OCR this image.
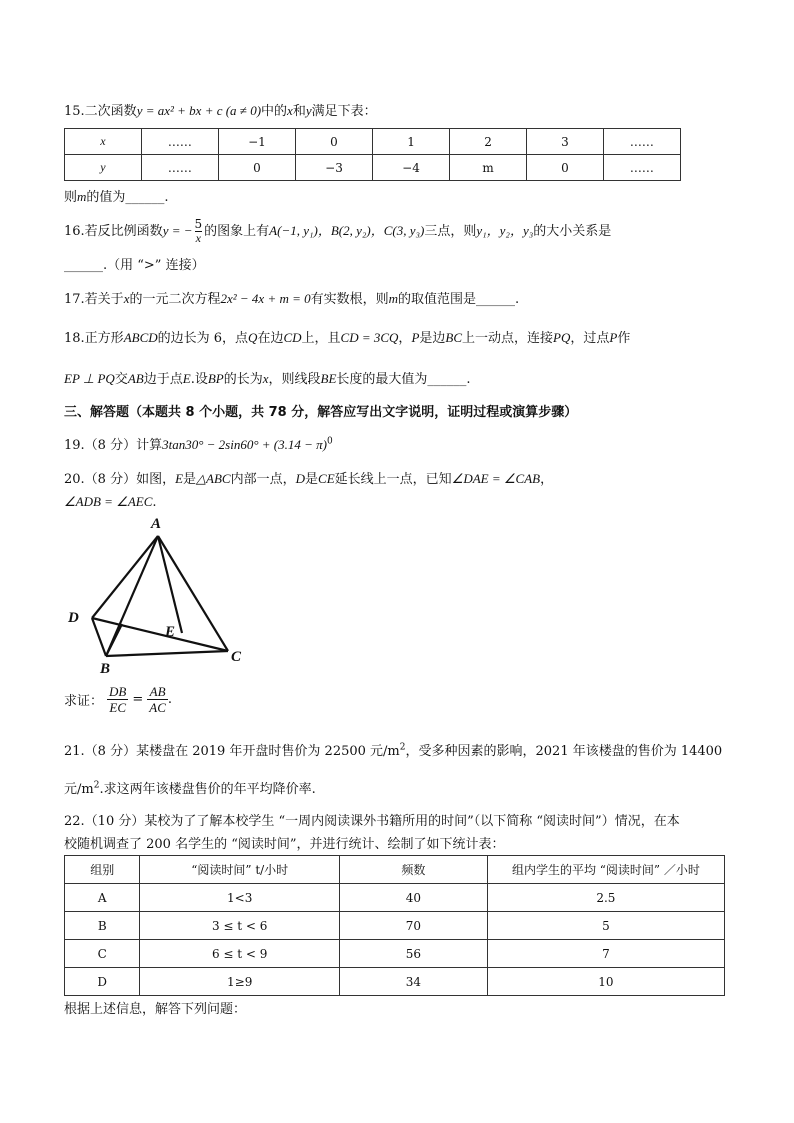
15.二次函数y = ax² + bx + c (a ≠ 0)中的x和y满足下表：
x	……	−1	0	1	2	3	……
y	……	0	−3	−4	m	0	……
则m的值为______.
16.若反比例函数y = − $\frac{5}{x}$ 的图象上有A(−1, y₁)，B(2, y₂)，C(3, y₃)三点，则y₁，y₂，y₃的大小关系是
______.（用 “>” 连接）
17.若关于x的一元二次方程2x² − 4x + m = 0有实数根，则m的取值范围是______.
18.正方形ABCD的边长为 6，点Q在边CD上，且CD = 3CQ，P是边BC上一动点，连接PQ，过点P作
EP ⊥ PQ交AB边于点E.设BP的长为x，则线段BE长度的最大值为______.
三、解答题（本题共 8 个小题，共 78 分，解答应写出文字说明，证明过程或演算步骤）
19.（8 分）计算$3\tan 30^\circ - 2\sin 60^\circ + (3.14 - \pi)^0$
20.（8 分）如图，E是△ABC内部一点，D是CE延长线上一点，已知∠DAE = ∠CAB，
∠ADB = ∠AEC.
A
D
E
B
C
求证： $\frac{DB}{EC} = \frac{AB}{AC}$ .
21.（8 分）某楼盘在 2019 年开盘时售价为 22500 元$/m^2$，受多种因素的影响，2021 年该楼盘的售价为 14400
元$/m^2$.求这两年该楼盘售价的年平均降价率.
22.（10 分）某校为了了解本校学生 “一周内阅读课外书籍所用的时间”（以下简称 “阅读时间”）情况，在本
校随机调查了 200 名学生的 “阅读时间”，并进行统计、绘制了如下统计表：
组别	“阅读时间” t/小时	频数	组内学生的平均 “阅读时间” ／小时
A	1<3	40	2.5
B	3 ≤ t < 6	70	5
C	6 ≤ t < 9	56	7
D	1≥9	34	10
根据上述信息，解答下列问题：
